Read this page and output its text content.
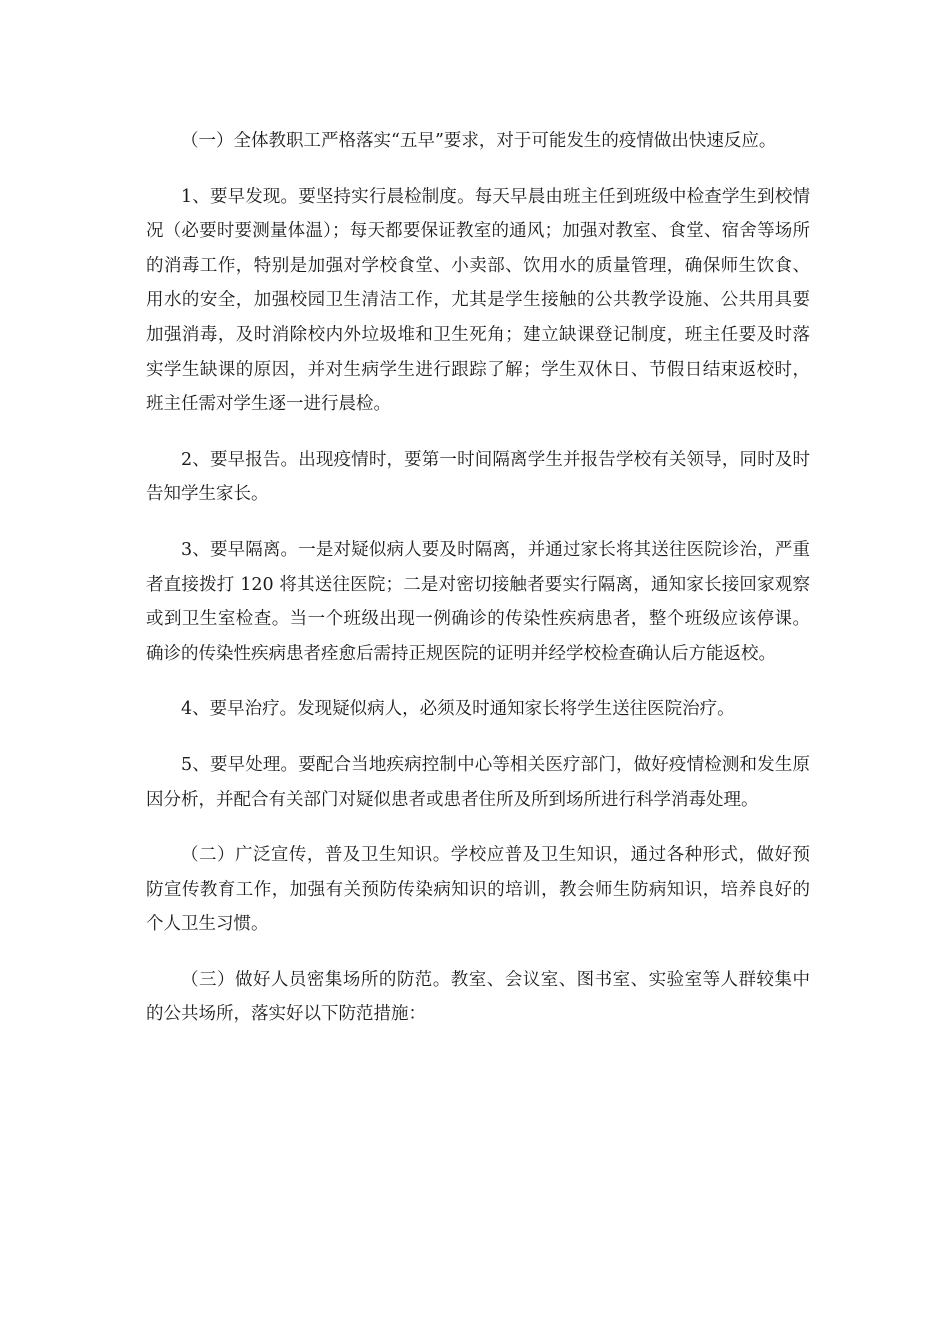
（一）全体教职工严格落实“五早”要求，对于可能发生的疫情做出快速反应。

1、要早发现。要坚持实行晨检制度。每天早晨由班主任到班级中检查学生到校情况（必要时要测量体温）；每天都要保证教室的通风；加强对教室、食堂、宿舍等场所的消毒工作，特别是加强对学校食堂、小卖部、饮用水的质量管理，确保师生饮食、用水的安全，加强校园卫生清洁工作，尤其是学生接触的公共教学设施、公共用具要加强消毒，及时消除校内外垃圾堆和卫生死角；建立缺课登记制度，班主任要及时落实学生缺课的原因，并对生病学生进行跟踪了解；学生双休日、节假日结束返校时，班主任需对学生逐一进行晨检。

2、要早报告。出现疫情时，要第一时间隔离学生并报告学校有关领导，同时及时告知学生家长。

3、要早隔离。一是对疑似病人要及时隔离，并通过家长将其送往医院诊治，严重者直接拨打 120 将其送往医院；二是对密切接触者要实行隔离，通知家长接回家观察或到卫生室检查。当一个班级出现一例确诊的传染性疾病患者，整个班级应该停课。确诊的传染性疾病患者痊愈后需持正规医院的证明并经学校检查确认后方能返校。

4、要早治疗。发现疑似病人，必须及时通知家长将学生送往医院治疗。

5、要早处理。要配合当地疾病控制中心等相关医疗部门，做好疫情检测和发生原因分析，并配合有关部门对疑似患者或患者住所及所到场所进行科学消毒处理。

（二）广泛宣传，普及卫生知识。学校应普及卫生知识，通过各种形式，做好预防宣传教育工作，加强有关预防传染病知识的培训，教会师生防病知识，培养良好的个人卫生习惯。

（三）做好人员密集场所的防范。教室、会议室、图书室、实验室等人群较集中的公共场所，落实好以下防范措施：
